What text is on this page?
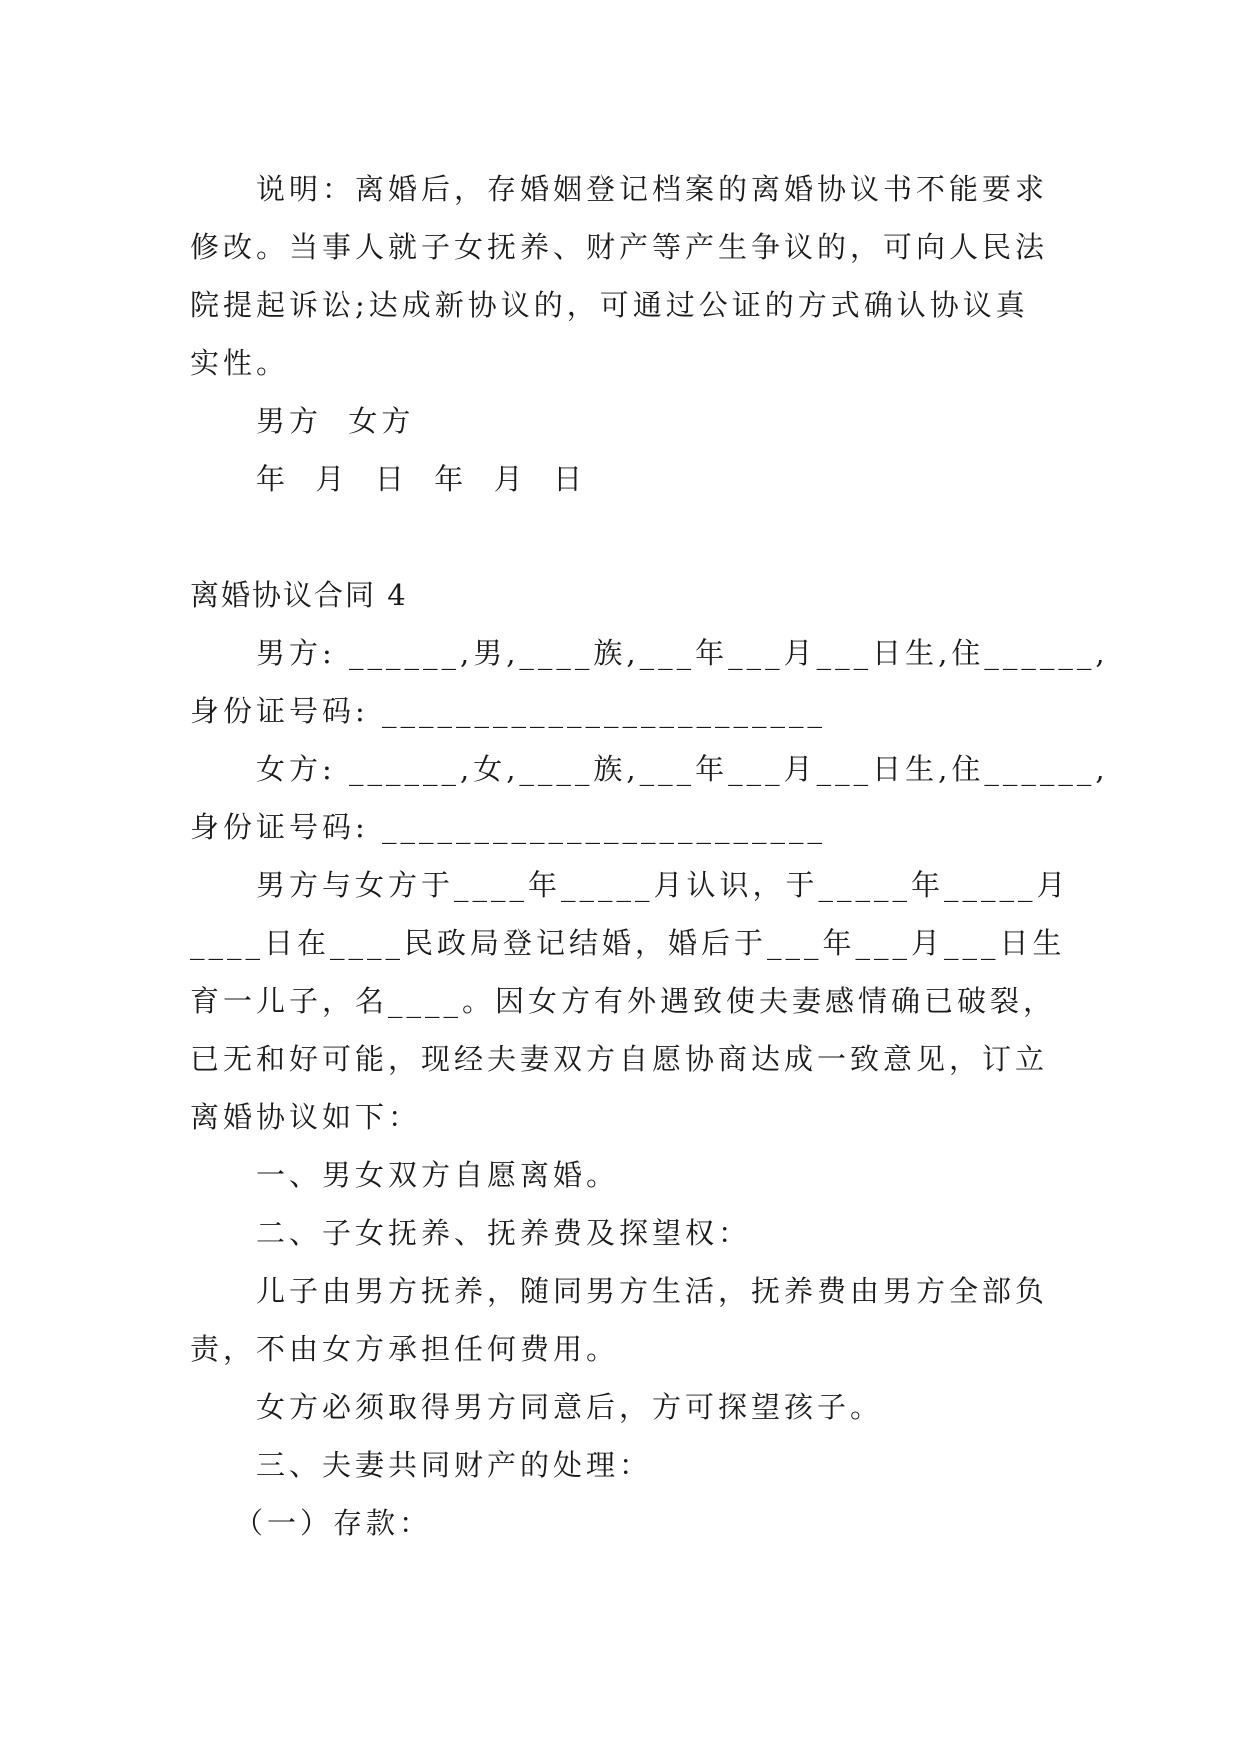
说明：离婚后，存婚姻登记档案的离婚协议书不能要求

修改。当事人就子女抚养、财产等产生争议的，可向人民法

院提起诉讼;达成新协议的，可通过公证的方式确认协议真

实性。

男方  女方

年  月  日  年  月  日

离婚协议合同 4

男方: ______,男,____族,___年___月___日生,住______,

身份证号码: ________________________

女方: ______,女,____族,___年___月___日生,住______,

身份证号码: ________________________

男方与女方于____年_____月认识，于_____年_____月

____日在____民政局登记结婚，婚后于___年___月___日生

育一儿子，名____。因女方有外遇致使夫妻感情确已破裂，

已无和好可能，现经夫妻双方自愿协商达成一致意见，订立

离婚协议如下：

一、男女双方自愿离婚。

二、子女抚养、抚养费及探望权：

儿子由男方抚养，随同男方生活，抚养费由男方全部负

责，不由女方承担任何费用。

女方必须取得男方同意后，方可探望孩子。

三、夫妻共同财产的处理：

（一）存款：
